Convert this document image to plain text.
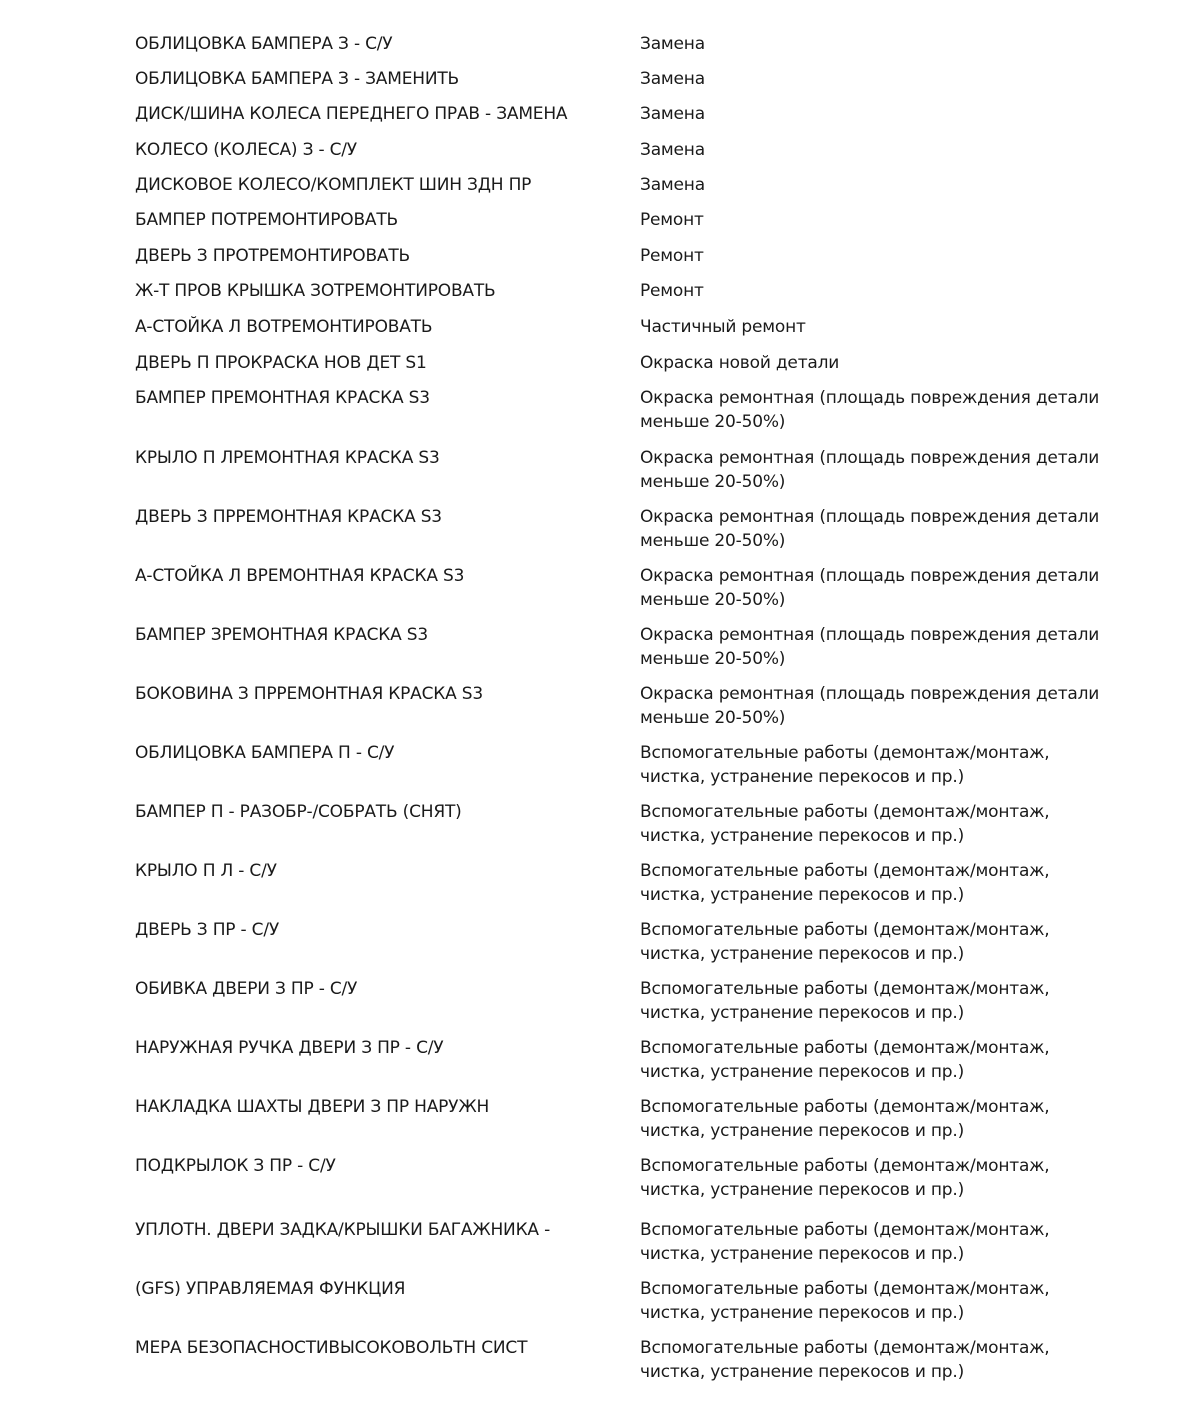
ОБЛИЦОВКА БАМПЕРА З - С/У	Замена
ОБЛИЦОВКА БАМПЕРА З - ЗАМЕНИТЬ	Замена
ДИСК/ШИНА КОЛЕСА ПЕРЕДНЕГО ПРАВ - ЗАМЕНА	Замена
КОЛЕСО (КОЛЕСА) З - С/У	Замена
ДИСКОВОЕ КОЛЕСО/КОМПЛЕКТ ШИН ЗДН ПР	Замена
БАМПЕР ПОТРЕМОНТИРОВАТЬ	Ремонт
ДВЕРЬ З ПРОТРЕМОНТИРОВАТЬ	Ремонт
Ж-Т ПРОВ КРЫШКА ЗОТРЕМОНТИРОВАТЬ	Ремонт
А-СТОЙКА Л ВОТРЕМОНТИРОВАТЬ	Частичный ремонт
ДВЕРЬ П ПРОКРАСКА НОВ ДЕТ S1	Окраска новой детали
БАМПЕР ПРЕМОНТНАЯ КРАСКА S3	Окраска ремонтная (площадь повреждения детали
меньше 20-50%)
КРЫЛО П ЛРЕМОНТНАЯ КРАСКА S3	Окраска ремонтная (площадь повреждения детали
меньше 20-50%)
ДВЕРЬ З ПРРЕМОНТНАЯ КРАСКА S3	Окраска ремонтная (площадь повреждения детали
меньше 20-50%)
А-СТОЙКА Л ВРЕМОНТНАЯ КРАСКА S3	Окраска ремонтная (площадь повреждения детали
меньше 20-50%)
БАМПЕР ЗРЕМОНТНАЯ КРАСКА S3	Окраска ремонтная (площадь повреждения детали
меньше 20-50%)
БОКОВИНА З ПРРЕМОНТНАЯ КРАСКА S3	Окраска ремонтная (площадь повреждения детали
меньше 20-50%)
ОБЛИЦОВКА БАМПЕРА П - С/У	Вспомогательные работы (демонтаж/монтаж,
чистка, устранение перекосов и пр.)
БАМПЕР П - РАЗОБР-/СОБРАТЬ (СНЯТ)	Вспомогательные работы (демонтаж/монтаж,
чистка, устранение перекосов и пр.)
КРЫЛО П Л - С/У	Вспомогательные работы (демонтаж/монтаж,
чистка, устранение перекосов и пр.)
ДВЕРЬ З ПР - С/У	Вспомогательные работы (демонтаж/монтаж,
чистка, устранение перекосов и пр.)
ОБИВКА ДВЕРИ З ПР - С/У	Вспомогательные работы (демонтаж/монтаж,
чистка, устранение перекосов и пр.)
НАРУЖНАЯ РУЧКА ДВЕРИ З ПР - С/У	Вспомогательные работы (демонтаж/монтаж,
чистка, устранение перекосов и пр.)
НАКЛАДКА ШАХТЫ ДВЕРИ З ПР НАРУЖН	Вспомогательные работы (демонтаж/монтаж,
чистка, устранение перекосов и пр.)
ПОДКРЫЛОК З ПР - С/У	Вспомогательные работы (демонтаж/монтаж,
чистка, устранение перекосов и пр.)
УПЛОТН. ДВЕРИ ЗАДКА/КРЫШКИ БАГАЖНИКА -	Вспомогательные работы (демонтаж/монтаж,
чистка, устранение перекосов и пр.)
(GFS) УПРАВЛЯЕМАЯ ФУНКЦИЯ	Вспомогательные работы (демонтаж/монтаж,
чистка, устранение перекосов и пр.)
МЕРА БЕЗОПАСНОСТИВЫСОКОВОЛЬТН СИСТ	Вспомогательные работы (демонтаж/монтаж,
чистка, устранение перекосов и пр.)
